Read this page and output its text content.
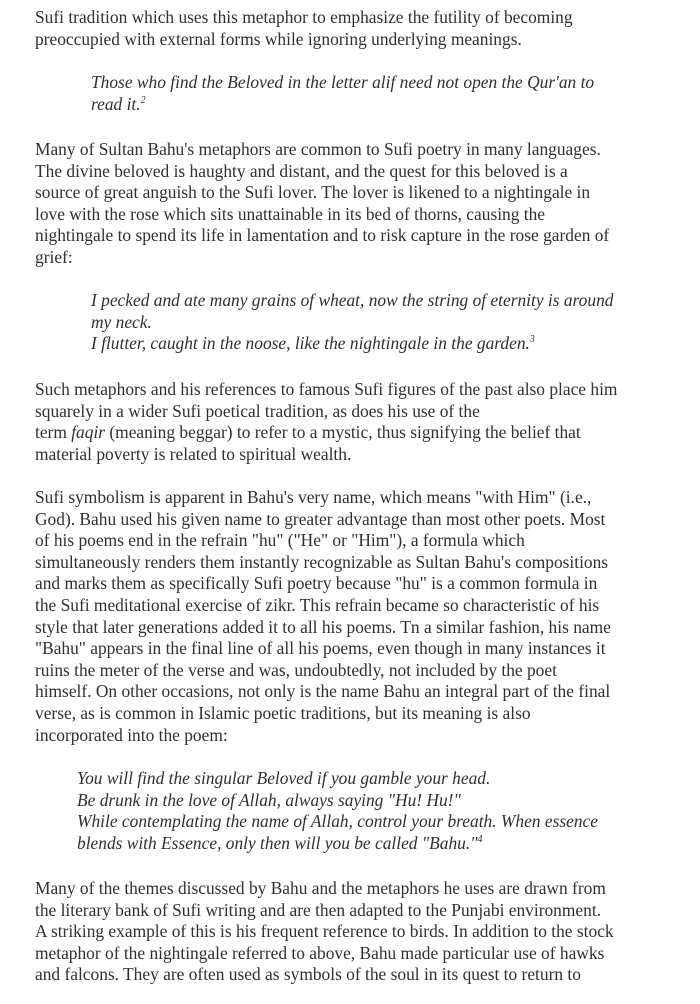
Sufi tradition which uses this metaphor to emphasize the futility of becoming
preoccupied with external forms while ignoring underlying meanings.
Those who find the Beloved in the letter alif need not open the Qur'an to
read it.$^2$
Many of Sultan Bahu's metaphors are common to Sufi poetry in many languages.
The divine beloved is haughty and distant, and the quest for this beloved is a
source of great anguish to the Sufi lover. The lover is likened to a nightingale in
love with the rose which sits unattainable in its bed of thorns, causing the
nightingale to spend its life in lamentation and to risk capture in the rose garden of
grief:
I pecked and ate many grains of wheat, now the string of eternity is around
my neck.
I flutter, caught in the noose, like the nightingale in the garden.$^3$
Such metaphors and his references to famous Sufi figures of the past also place him
squarely in a wider Sufi poetical tradition, as does his use of the
term faqir (meaning beggar) to refer to a mystic, thus signifying the belief that
material poverty is related to spiritual wealth.
Sufi symbolism is apparent in Bahu's very name, which means "with Him" (i.e.,
God). Bahu used his given name to greater advantage than most other poets. Most
of his poems end in the refrain "hu" ("He" or "Him"), a formula which
simultaneously renders them instantly recognizable as Sultan Bahu's compositions
and marks them as specifically Sufi poetry because "hu" is a common formula in
the Sufi meditational exercise of zikr. This refrain became so characteristic of his
style that later generations added it to all his poems. Tn a similar fashion, his name
"Bahu" appears in the final line of all his poems, even though in many instances it
ruins the meter of the verse and was, undoubtedly, not included by the poet
himself. On other occasions, not only is the name Bahu an integral part of the final
verse, as is common in Islamic poetic traditions, but its meaning is also
incorporated into the poem:
You will find the singular Beloved if you gamble your head.
Be drunk in the love of Allah, always saying "Hu! Hu!"
While contemplating the name of Allah, control your breath. When essence
blends with Essence, only then will you be called "Bahu."$^4$
Many of the themes discussed by Bahu and the metaphors he uses are drawn from
the literary bank of Sufi writing and are then adapted to the Punjabi environment.
A striking example of this is his frequent reference to birds. In addition to the stock
metaphor of the nightingale referred to above, Bahu made particular use of hawks
and falcons. They are often used as symbols of the soul in its quest to return to
